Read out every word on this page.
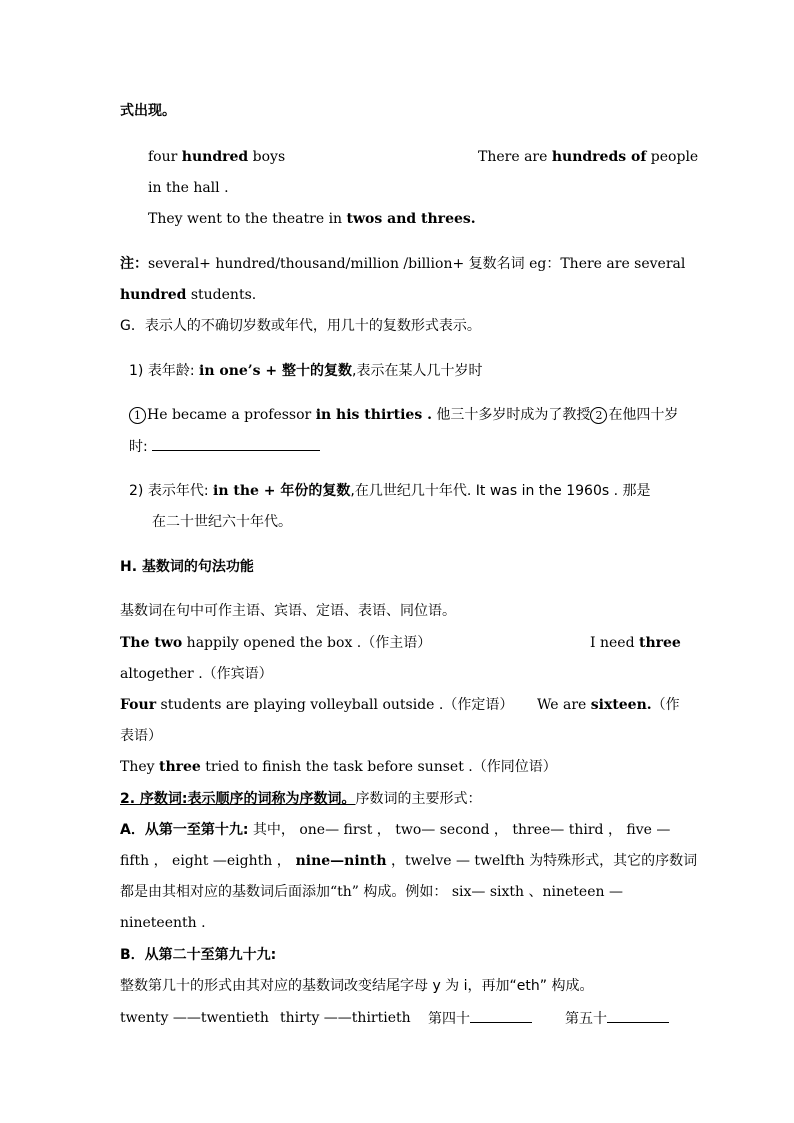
式出现。
four hundred boys	There are hundreds of people
in the hall .
They went to the theatre in twos and threes.
注：several+ hundred/thousand/million /billion+ 复数名词 eg：There are several
hundred students.
G．表示人的不确切岁数或年代，用几十的复数形式表示。
1) 表年龄: in one’s + 整十的复数,表示在某人几十岁时
1 He became a professor in his thirties . 他三十多岁时成为了教授 2 在他四十岁
时:
2) 表示年代: in the + 年份的复数,在几世纪几十年代. It was in the 1960s . 那是
在二十世纪六十年代。
H. 基数词的句法功能
基数词在句中可作主语、宾语、定语、表语、同位语。
The two happily opened the box .（作主语）	I need three
altogether .（作宾语）
Four students are playing volleyball outside .（作定语） We are sixteen.（作
表语）
They three tried to finish the task before sunset .（作同位语）
2. 序数词:表示顺序的词称为序数词。序数词的主要形式：
A．从第一至第十九: 其中， one— first ， two— second ， three— third ， five —
fifth ， eight —eighth ， nine—ninth ，twelve — twelfth 为特殊形式，其它的序数词
都是由其相对应的基数词后面添加“th” 构成。例如： six— sixth 、nineteen —
nineteenth .
B．从第二十至第九十九:
整数第几十的形式由其对应的基数词改变结尾字母 y 为 i，再加“eth” 构成。
twenty ——twentieth thirty ——thirtieth 第四十	第五十
